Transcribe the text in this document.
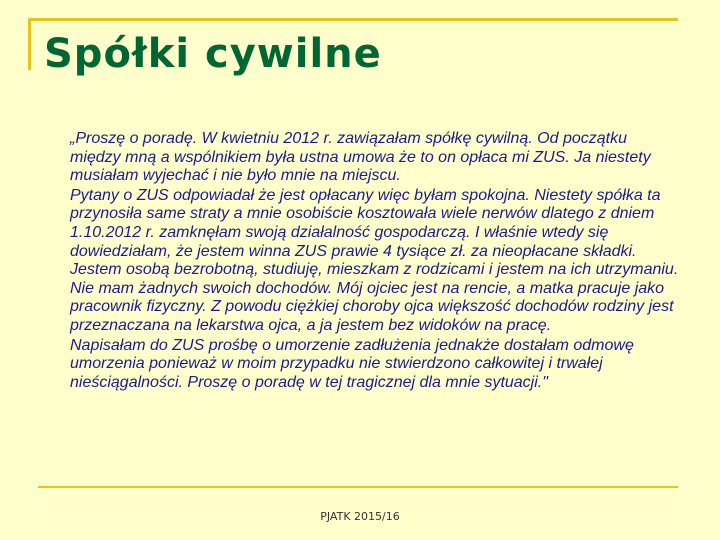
Spółki cywilne

„Proszę o poradę. W kwietniu 2012 r. zawiązałam spółkę cywilną. Od początku między mną a wspólnikiem była ustna umowa że to on opłaca mi ZUS. Ja niestety musiałam wyjechać i nie było mnie na miejscu.

Pytany o ZUS odpowiadał że jest opłacany więc byłam spokojna. Niestety spółka ta przynosiła same straty a mnie osobiście kosztowała wiele nerwów dlatego z dniem 1.10.2012 r. zamknęłam swoją działalność gospodarczą. I właśnie wtedy się dowiedziałam, że jestem winna ZUS prawie 4 tysiące zł. za nieopłacane składki. Jestem osobą bezrobotną, studiuję, mieszkam z rodzicami i jestem na ich utrzymaniu. Nie mam żadnych swoich dochodów. Mój ojciec jest na rencie, a matka pracuje jako pracownik fizyczny. Z powodu ciężkiej choroby ojca większość dochodów rodziny jest przeznaczana na lekarstwa ojca, a ja jestem bez widoków na pracę.

Napisałam do ZUS prośbę o umorzenie zadłużenia jednakże dostałam odmowę umorzenia ponieważ w moim przypadku nie stwierdzono całkowitej i trwałej nieściągalności. Proszę o poradę w tej tragicznej dla mnie sytuacji."

PJATK 2015/16
